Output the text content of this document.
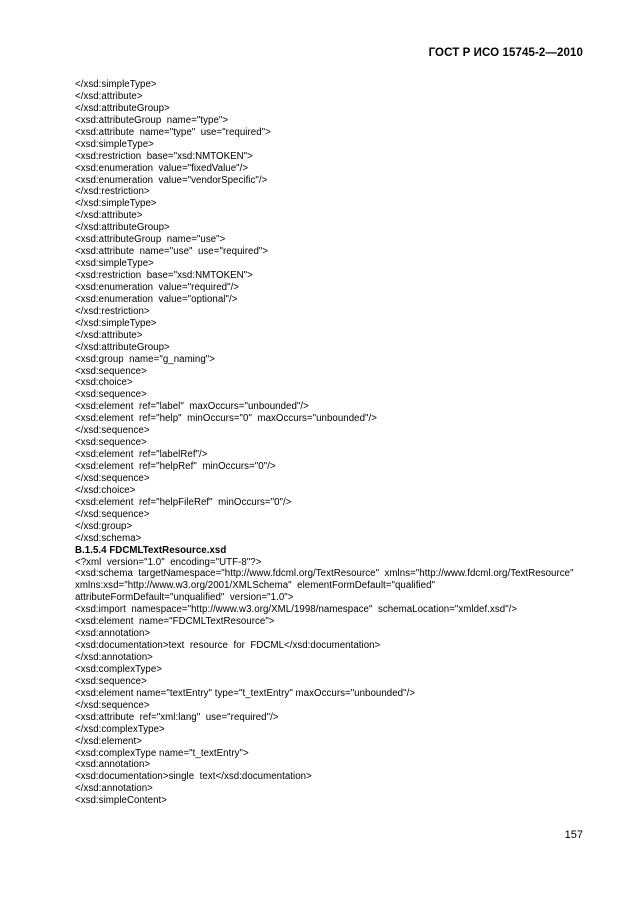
ГОСТ Р ИСО 15745-2—2010
</xsd:simpleType>
</xsd:attribute>
</xsd:attributeGroup>
<xsd:attributeGroup  name="type">
<xsd:attribute  name="type"  use="required">
<xsd:simpleType>
<xsd:restriction  base="xsd:NMTOKEN">
<xsd:enumeration  value="fixedValue"/>
<xsd:enumeration  value="vendorSpecific"/>
</xsd:restriction>
</xsd:simpleType>
</xsd:attribute>
</xsd:attributeGroup>
<xsd:attributeGroup  name="use">
<xsd:attribute  name="use"  use="required">
<xsd:simpleType>
<xsd:restriction  base="xsd:NMTOKEN">
<xsd:enumeration  value="required"/>
<xsd:enumeration  value="optional"/>
</xsd:restriction>
</xsd:simpleType>
</xsd:attribute>
</xsd:attributeGroup>
<xsd:group  name="g_naming">
<xsd:sequence>
<xsd:choice>
<xsd:sequence>
<xsd:element  ref="label"  maxOccurs="unbounded"/>
<xsd:element  ref="help"  minOccurs="0"  maxOccurs="unbounded"/>
</xsd:sequence>
<xsd:sequence>
<xsd:element  ref="labelRef"/>
<xsd:element  ref="helpRef"  minOccurs="0"/>
</xsd:sequence>
</xsd:choice>
<xsd:element  ref="helpFileRef"  minOccurs="0"/>
</xsd:sequence>
</xsd:group>
</xsd:schema>
B.1.5.4 FDCMLTextResource.xsd
<?xml  version="1.0"  encoding="UTF-8"?>
<xsd:schema  targetNamespace="http://www.fdcml.org/TextResource"  xmlns="http://www.fdcml.org/TextResource"
xmlns:xsd="http://www.w3.org/2001/XMLSchema"  elementFormDefault="qualified"
attributeFormDefault="unqualified"  version="1.0">
<xsd:import  namespace="http://www.w3.org/XML/1998/namespace"  schemaLocation="xmldef.xsd"/>
<xsd:element  name="FDCMLTextResource">
<xsd:annotation>
<xsd:documentation>text  resource  for  FDCML</xsd:documentation>
</xsd:annotation>
<xsd:complexType>
<xsd:sequence>
<xsd:element name="textEntry" type="t_textEntry" maxOccurs="unbounded"/>
</xsd:sequence>
<xsd:attribute  ref="xml:lang"  use="required"/>
</xsd:complexType>
</xsd:element>
<xsd:complexType name="t_textEntry">
<xsd:annotation>
<xsd:documentation>single  text</xsd:documentation>
</xsd:annotation>
<xsd:simpleContent>
157
